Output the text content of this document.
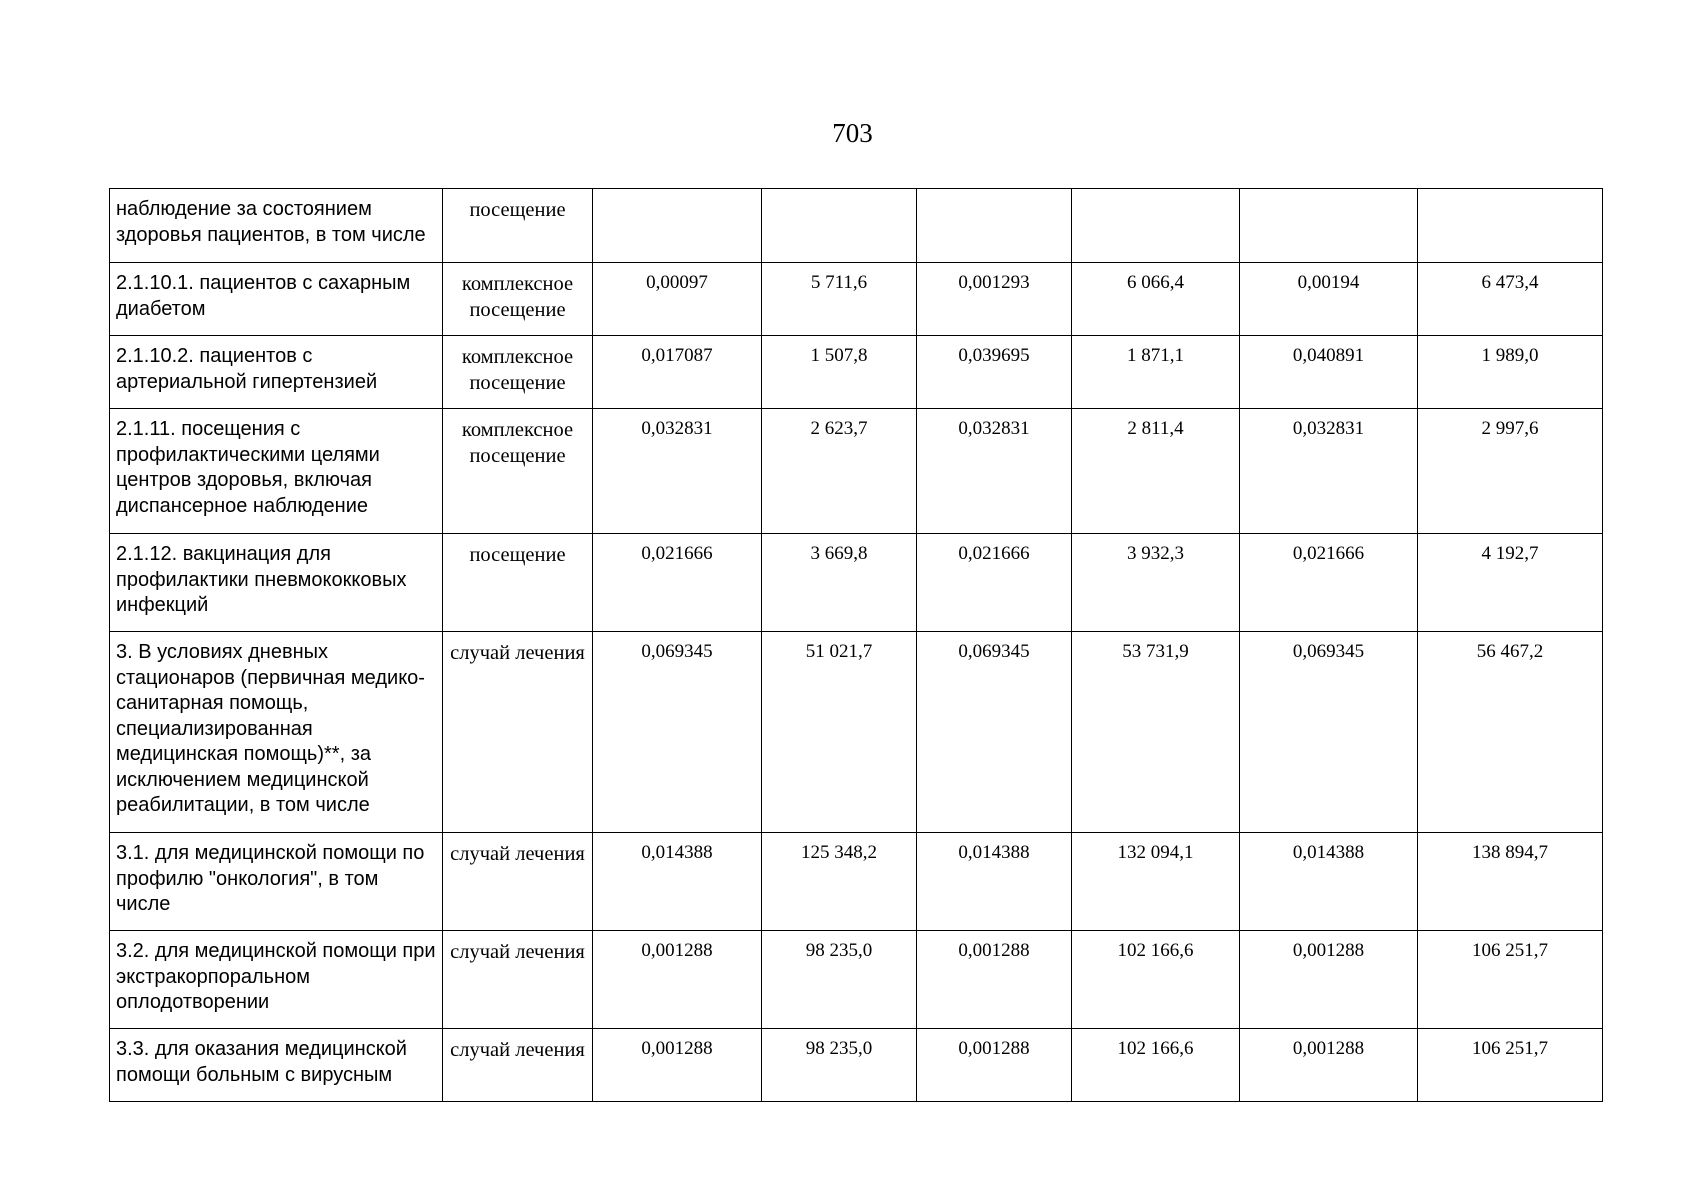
703
наблюдение за состоянием здоровья пациентов, в том числе	посещение						
2.1.10.1. пациентов с сахарным диабетом	комплексное посещение	0,00097	5 711,6	0,001293	6 066,4	0,00194	6 473,4
2.1.10.2. пациентов с артериальной гипертензией	комплексное посещение	0,017087	1 507,8	0,039695	1 871,1	0,040891	1 989,0
2.1.11. посещения с профилактическими целями центров здоровья, включая диспансерное наблюдение	комплексное посещение	0,032831	2 623,7	0,032831	2 811,4	0,032831	2 997,6
2.1.12. вакцинация для профилактики пневмококковых инфекций	посещение	0,021666	3 669,8	0,021666	3 932,3	0,021666	4 192,7
3. В условиях дневных стационаров (первичная медико-санитарная помощь, специализированная медицинская помощь)**, за исключением медицинской реабилитации, в том числе	случай лечения	0,069345	51 021,7	0,069345	53 731,9	0,069345	56 467,2
3.1. для медицинской помощи по профилю "онкология", в том числе	случай лечения	0,014388	125 348,2	0,014388	132 094,1	0,014388	138 894,7
3.2. для медицинской помощи при экстракорпоральном оплодотворении	случай лечения	0,001288	98 235,0	0,001288	102 166,6	0,001288	106 251,7
3.3. для оказания медицинской помощи больным с вирусным	случай лечения	0,001288	98 235,0	0,001288	102 166,6	0,001288	106 251,7
